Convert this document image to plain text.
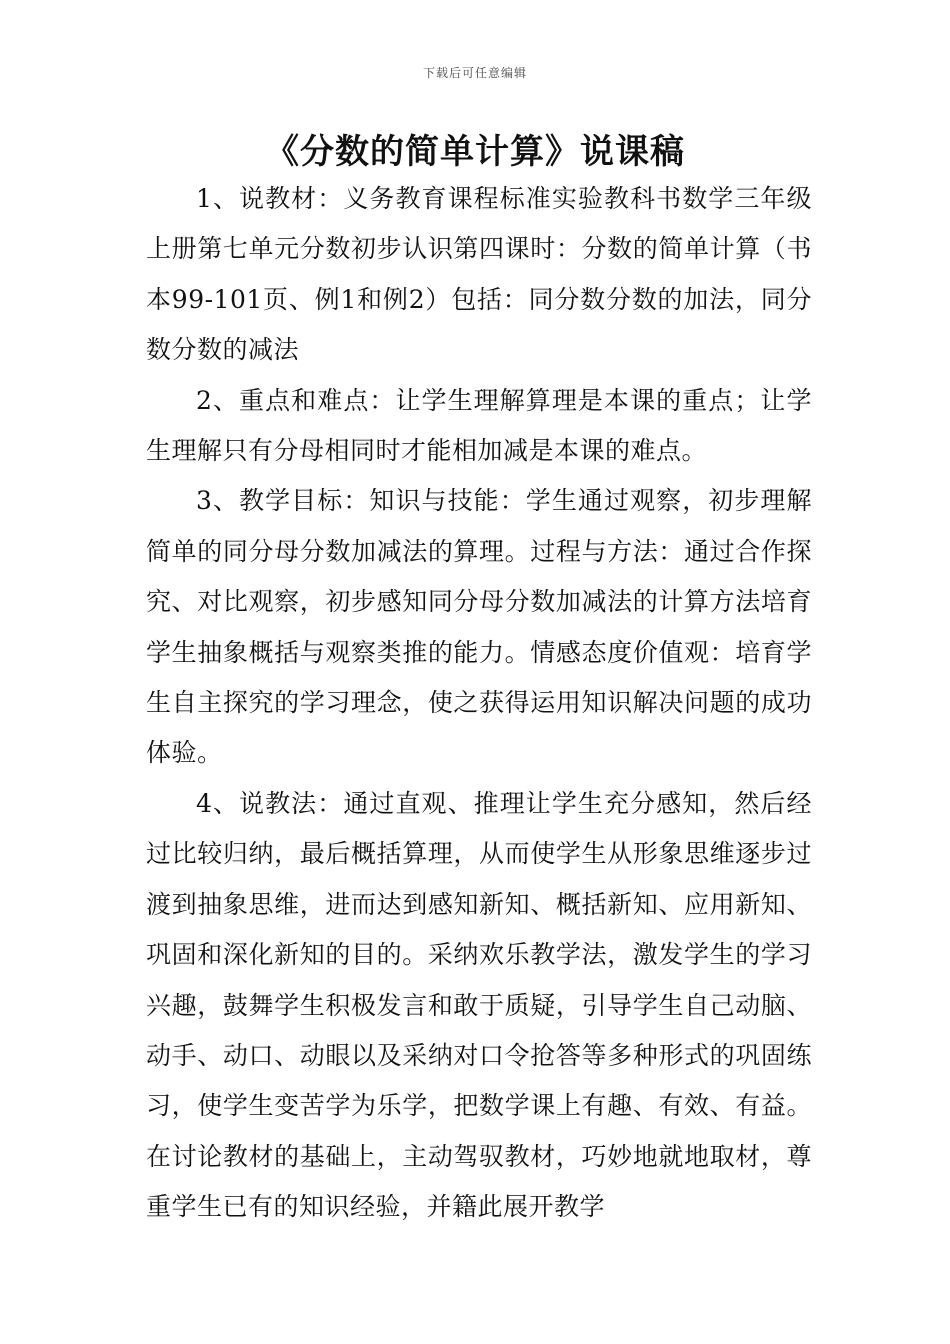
下载后可任意编辑
《分数的简单计算》说课稿

1、说教材：义务教育课程标准实验教科书数学三年级上册第七单元分数初步认识第四课时：分数的简单计算（书本99-101页、例1和例2）包括：同分数分数的加法，同分数分数的减法

2、重点和难点：让学生理解算理是本课的重点；让学生理解只有分母相同时才能相加减是本课的难点。

3、教学目标：知识与技能：学生通过观察，初步理解简单的同分母分数加减法的算理。过程与方法：通过合作探究、对比观察，初步感知同分母分数加减法的计算方法培育学生抽象概括与观察类推的能力。情感态度价值观：培育学生自主探究的学习理念，使之获得运用知识解决问题的成功体验。

4、说教法：通过直观、推理让学生充分感知，然后经过比较归纳，最后概括算理，从而使学生从形象思维逐步过渡到抽象思维，进而达到感知新知、概括新知、应用新知、巩固和深化新知的目的。采纳欢乐教学法，激发学生的学习兴趣，鼓舞学生积极发言和敢于质疑，引导学生自己动脑、动手、动口、动眼以及采纳对口令抢答等多种形式的巩固练习，使学生变苦学为乐学，把数学课上有趣、有效、有益。在讨论教材的基础上，主动驾驭教材，巧妙地就地取材，尊重学生已有的知识经验，并籍此展开教学
